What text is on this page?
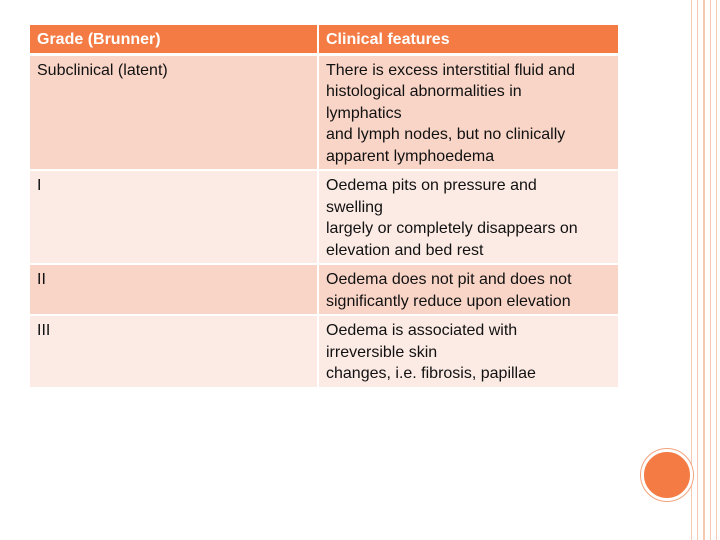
Grade (Brunner)	Clinical features
Subclinical (latent)	There is excess interstitial fluid and
histological abnormalities in
lymphatics
and lymph nodes, but no clinically
apparent lymphoedema

I	Oedema pits on pressure and
swelling
largely or completely disappears on
elevation and bed rest

II	Oedema does not pit and does not
significantly reduce upon elevation

III	Oedema is associated with
irreversible skin
changes, i.e. fibrosis, papillae
